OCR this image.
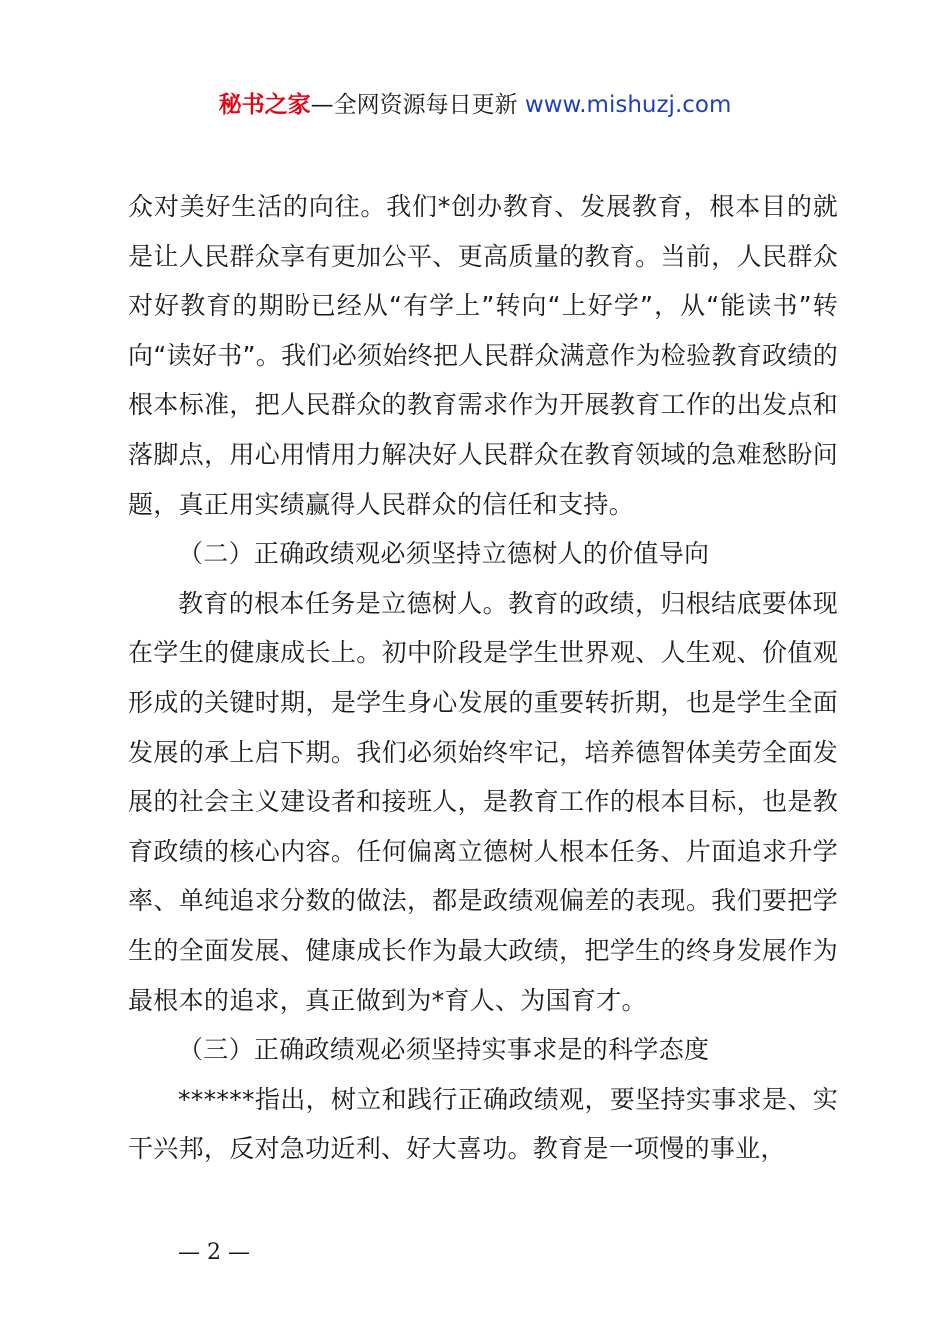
秘书之家—全网资源每日更新 www.mishuzj.com

众对美好生活的向往。我们*创办教育、发展教育，根本目的就是让人民群众享有更加公平、更高质量的教育。当前，人民群众对好教育的期盼已经从“有学上”转向“上好学”，从“能读书”转向“读好书”。我们必须始终把人民群众满意作为检验教育政绩的根本标准，把人民群众的教育需求作为开展教育工作的出发点和落脚点，用心用情用力解决好人民群众在教育领域的急难愁盼问题，真正用实绩赢得人民群众的信任和支持。

（二）正确政绩观必须坚持立德树人的价值导向

教育的根本任务是立德树人。教育的政绩，归根结底要体现在学生的健康成长上。初中阶段是学生世界观、人生观、价值观形成的关键时期，是学生身心发展的重要转折期，也是学生全面发展的承上启下期。我们必须始终牢记，培养德智体美劳全面发展的社会主义建设者和接班人，是教育工作的根本目标，也是教育政绩的核心内容。任何偏离立德树人根本任务、片面追求升学率、单纯追求分数的做法，都是政绩观偏差的表现。我们要把学生的全面发展、健康成长作为最大政绩，把学生的终身发展作为最根本的追求，真正做到为*育人、为国育才。

（三）正确政绩观必须坚持实事求是的科学态度

******指出，树立和践行正确政绩观，要坚持实事求是、实干兴邦，反对急功近利、好大喜功。教育是一项慢的事业，

— 2 —
